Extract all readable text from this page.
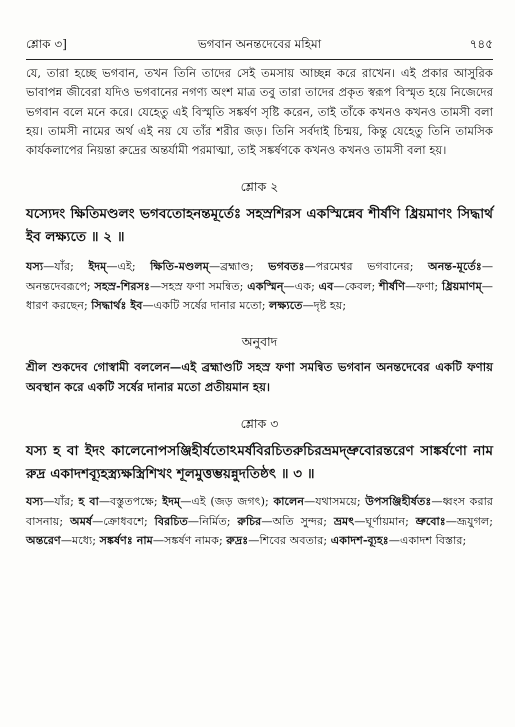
শ্লোক ৩]	ভগবান অনন্তদেবের মহিমা	৭৪৫

যে, তারা হচ্ছে ভগবান, তখন তিনি তাদের সেই তমসায় আচ্ছন্ন করে রাখেন। এই প্রকার আসুরিক ভাবাপন্ন জীবেরা যদিও ভগবানের নগণ্য অংশ মাত্র তবু তারা তাদের প্রকৃত স্বরূপ বিস্মৃত হয়ে নিজেদের ভগবান বলে মনে করে। যেহেতু এই বিস্মৃতি সঙ্কর্ষণ সৃষ্টি করেন, তাই তাঁকে কখনও কখনও তামসী বলা হয়। তামসী নামের অর্থ এই নয় যে তাঁর শরীর জড়। তিনি সর্বদাই চিন্ময়, কিন্তু যেহেতু তিনি তামসিক কার্যকলাপের নিয়ন্তা রুদ্রের অন্তর্যামী পরমাত্মা, তাই সঙ্কর্ষণকে কখনও কখনও তামসী বলা হয়।

শ্লোক ২

যস্যেদং ক্ষিতিমণ্ডলং ভগবতোহনন্তমূর্তেঃ সহস্রশিরস একস্মিন্নেব শীর্ষণি ধ্রিয়মাণং সিদ্ধার্থ ইব লক্ষ্যতে ॥ ২ ॥

যস্য—যাঁর; ইদম্—এই; ক্ষিতি-মণ্ডলম্—ব্রহ্মাণ্ড; ভগবতঃ—পরমেশ্বর ভগবানের; অনন্ত-মূর্তেঃ—অনন্তদেবরূপে; সহস্র-শিরসঃ—সহস্র ফণা সমন্বিত; একস্মিন্—এক; এব—কেবল; শীর্ষণি—ফণা; ধ্রিয়মাণম্—ধারণ করছেন; সিদ্ধার্থঃ ইব—একটি সর্ষের দানার মতো; লক্ষ্যতে—দৃষ্ট হয়;

অনুবাদ

শ্রীল শুকদেব গোস্বামী বললেন—এই ব্রহ্মাণ্ডটি সহস্র ফণা সমন্বিত ভগবান অনন্তদেবের একটি ফণায় অবস্থান করে একটি সর্ষের দানার মতো প্রতীয়মান হয়।

শ্লোক ৩

যস্য হ বা ইদং কালেনোপসঞ্জিহীর্ষতোঽমর্ষবিরচিতরুচিরভ্রমদ্ভ্রুবোরন্তরেণ সাঙ্কর্ষণো নাম রুদ্র একাদশব্যূহস্ত্র্যক্ষস্ত্রিশিখং শূলমুত্তম্ভয়ন্নুদতিষ্ঠৎ ॥ ৩ ॥

যস্য—যাঁর; হ বা—বস্তুতপক্ষে; ইদম্—এই (জড় জগৎ); কালেন—যথাসময়ে; উপসঞ্জিহীর্ষতঃ—ধ্বংস করার বাসনায়; অমর্ষ—ক্রোধবশে; বিরচিত—নির্মিত; রুচির—অতি সুন্দর; ভ্রমৎ—ঘূর্ণায়মান; ভ্রুবোঃ—ভ্রূযুগল; অন্তরেণ—মধ্যে; সঙ্কর্ষণঃ নাম—সঙ্কর্ষণ নামক; রুদ্রঃ—শিবের অবতার; একাদশ-ব্যূহঃ—একাদশ বিস্তার;
